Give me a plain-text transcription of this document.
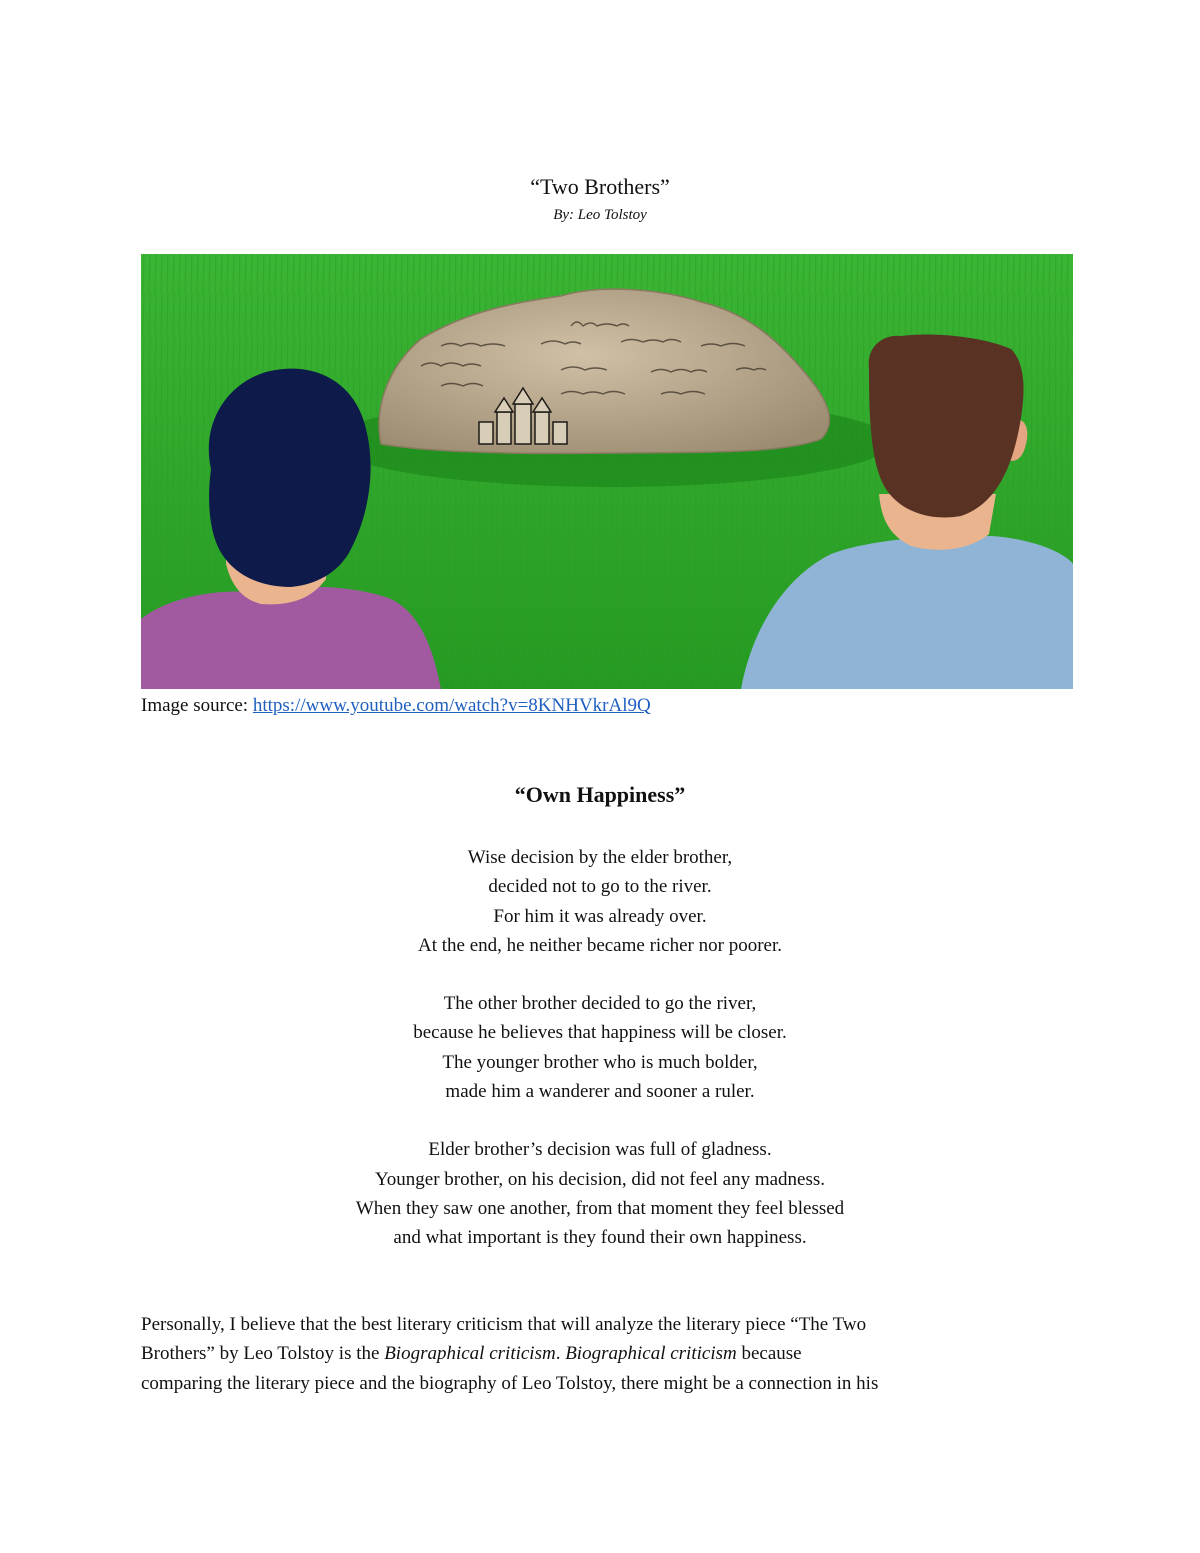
“Two Brothers”
By: Leo Tolstoy
Image source: https://www.youtube.com/watch?v=8KNHVkrAl9Q
“Own Happiness”
Wise decision by the elder brother,
decided not to go to the river.
For him it was already over.
At the end, he neither became richer nor poorer.
The other brother decided to go the river,
because he believes that happiness will be closer.
The younger brother who is much bolder,
made him a wanderer and sooner a ruler.
Elder brother’s decision was full of gladness.
Younger brother, on his decision, did not feel any madness.
When they saw one another, from that moment they feel blessed
and what important is they found their own happiness.
Personally, I believe that the best literary criticism that will analyze the literary piece “The Two
Brothers” by Leo Tolstoy is the Biographical criticism. Biographical criticism because
comparing the literary piece and the biography of Leo Tolstoy, there might be a connection in his
